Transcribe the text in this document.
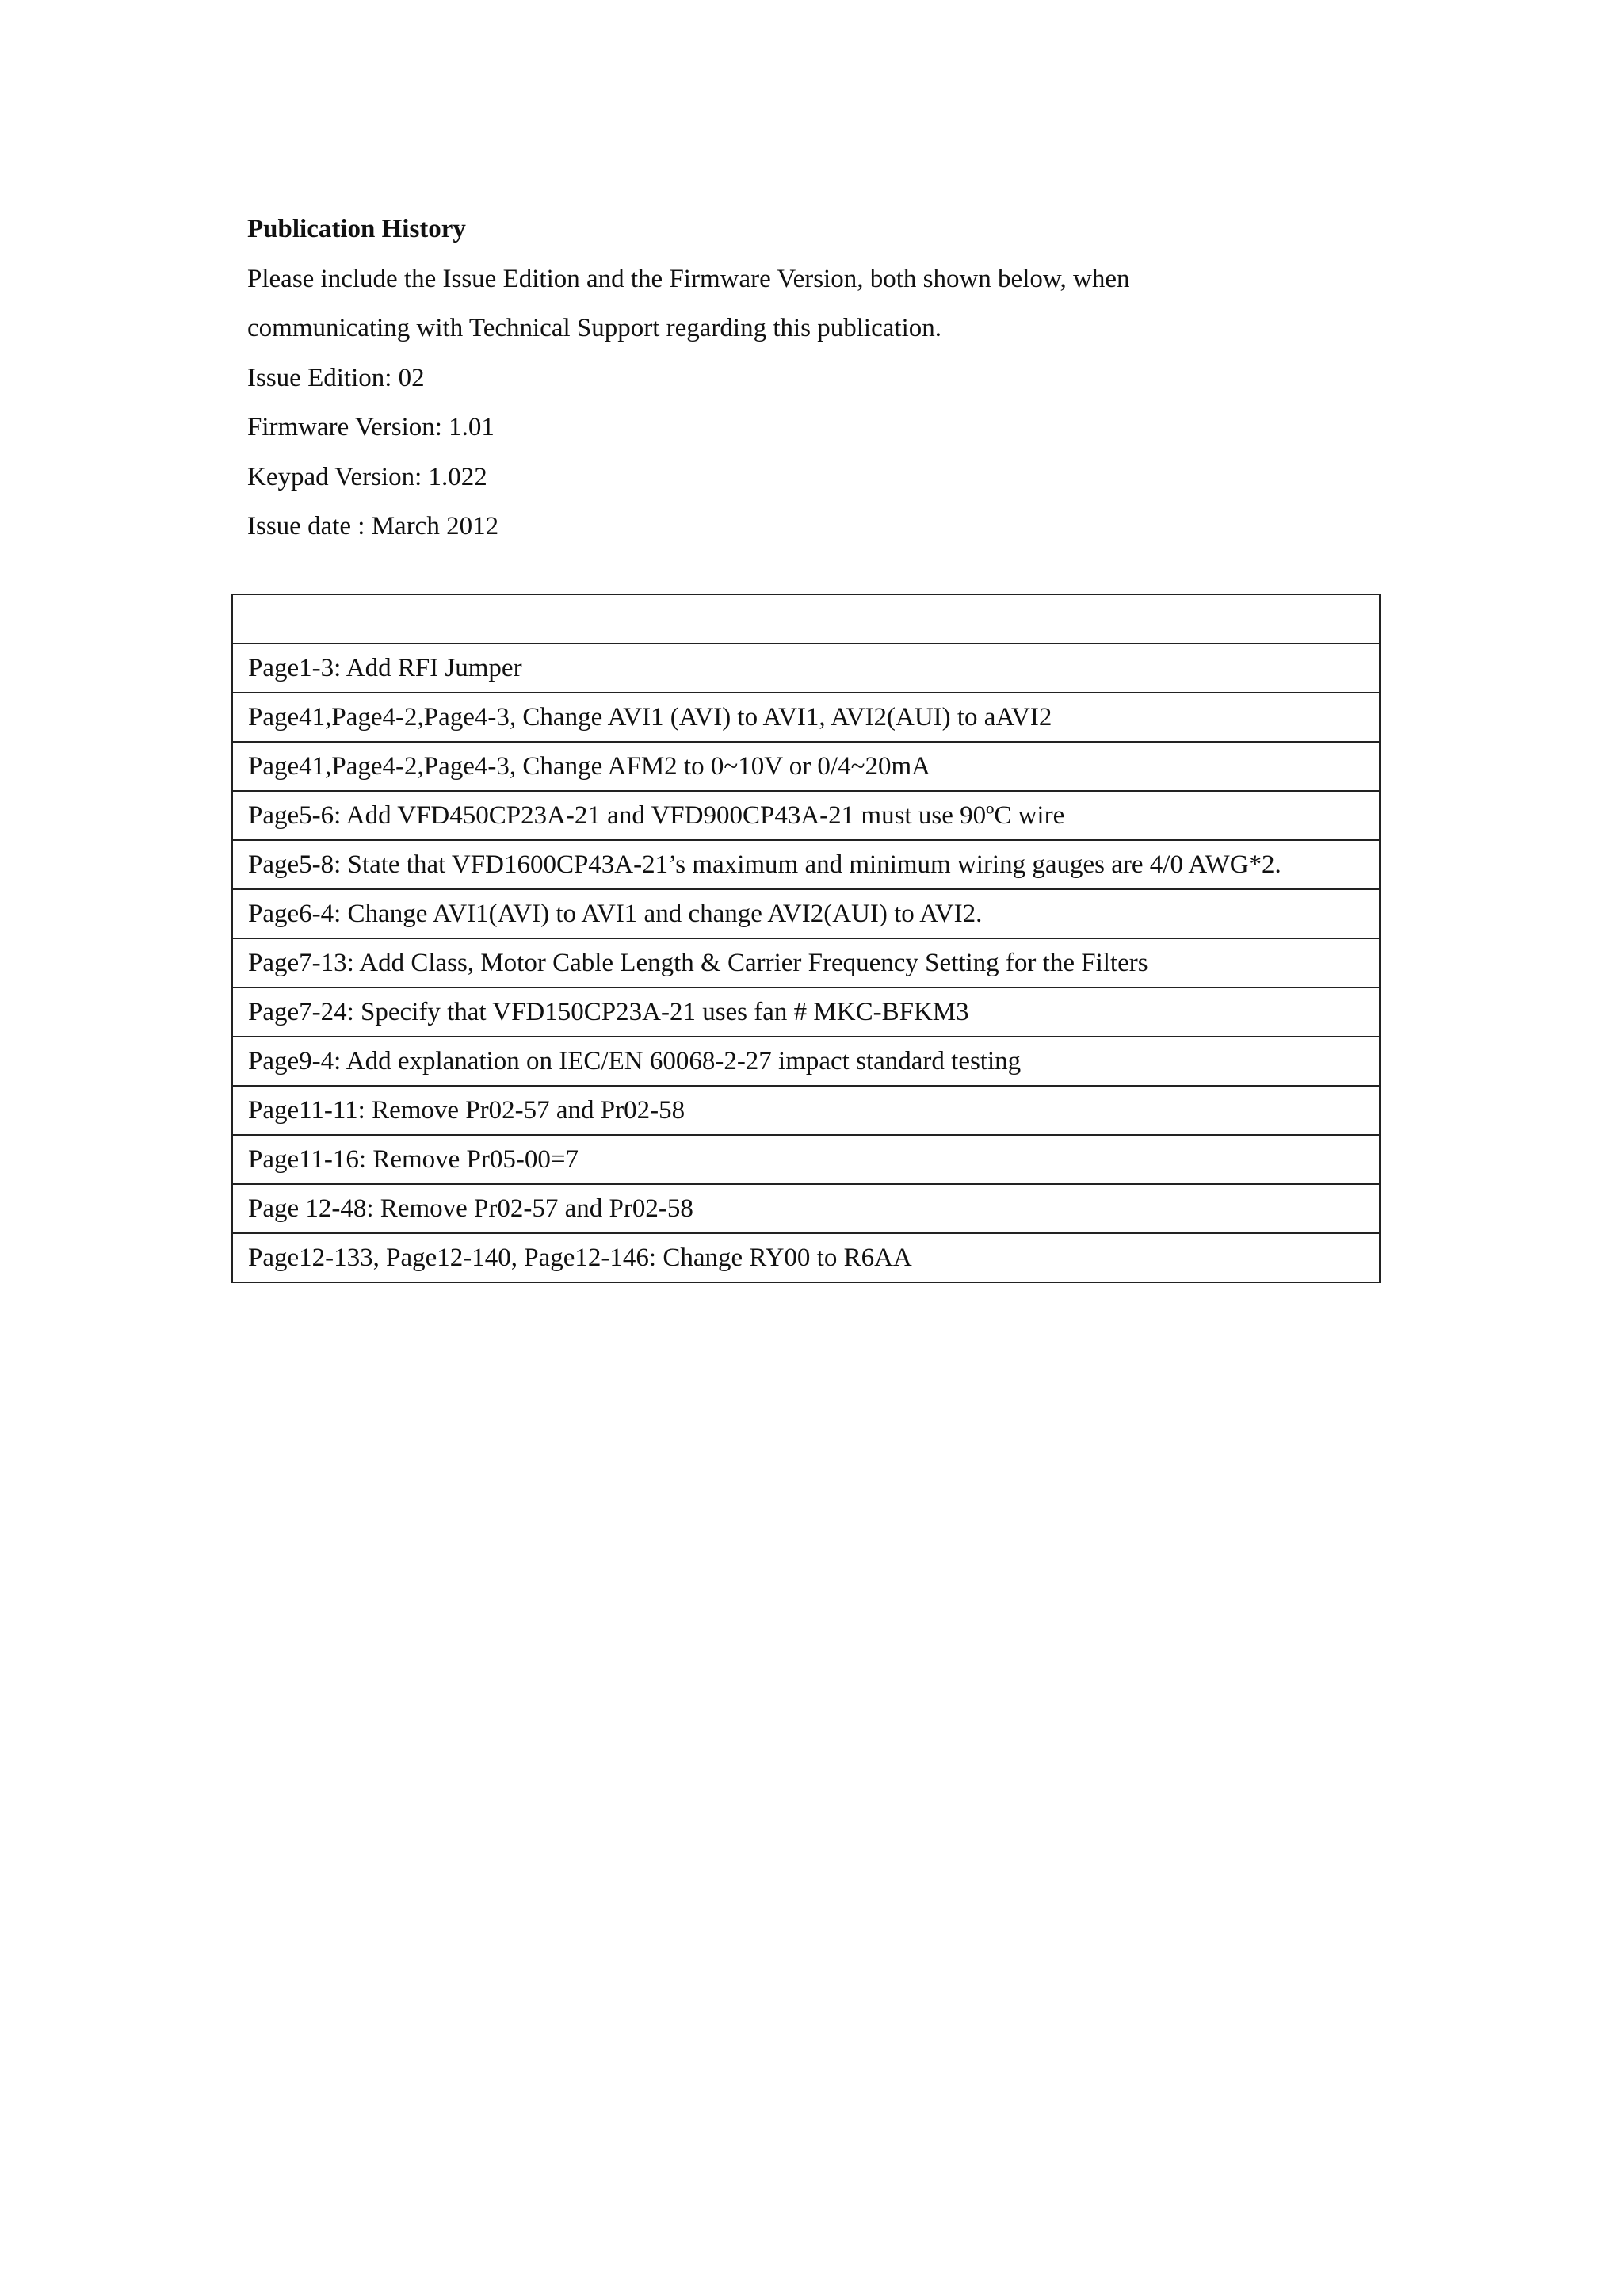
Publication History
Please include the Issue Edition and the Firmware Version, both shown below, when
communicating with Technical Support regarding this publication.
Issue Edition: 02
Firmware Version: 1.01
Keypad Version: 1.022
Issue date : March 2012

Page1-3: Add RFI Jumper
Page41,Page4-2,Page4-3, Change AVI1 (AVI) to AVI1, AVI2(AUI) to aAVI2
Page41,Page4-2,Page4-3, Change AFM2 to 0~10V or 0/4~20mA
Page5-6: Add VFD450CP23A-21 and VFD900CP43A-21 must use 90ºC wire
Page5-8: State that VFD1600CP43A-21’s maximum and minimum wiring gauges are 4/0 AWG*2.
Page6-4: Change AVI1(AVI) to AVI1 and change AVI2(AUI) to AVI2.
Page7-13: Add Class, Motor Cable Length & Carrier Frequency Setting for the Filters
Page7-24: Specify that VFD150CP23A-21 uses fan # MKC-BFKM3
Page9-4: Add explanation on IEC/EN 60068-2-27 impact standard testing
Page11-11: Remove Pr02-57 and Pr02-58
Page11-16: Remove Pr05-00=7
Page 12-48: Remove Pr02-57 and Pr02-58
Page12-133, Page12-140, Page12-146: Change RY00 to R6AA
